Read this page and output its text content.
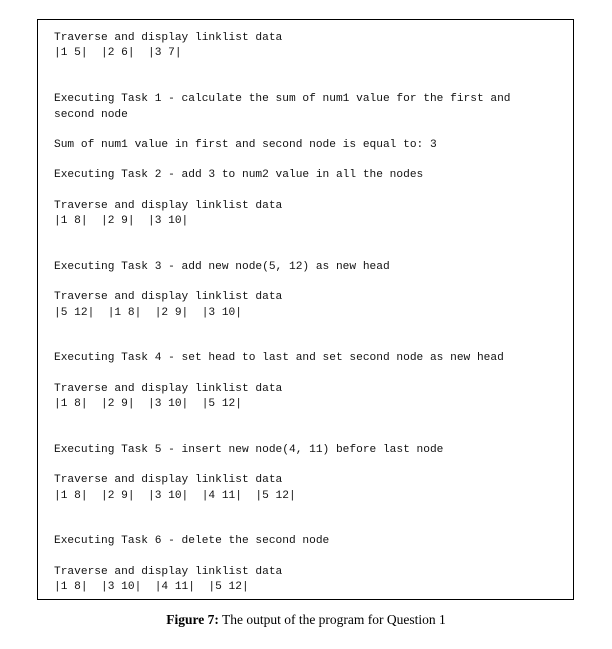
Traverse and display linklist data

|1 5|  |2 6|  |3 7|

Executing Task 1 - calculate the sum of num1 value for the first and

second node

Sum of num1 value in first and second node is equal to: 3

Executing Task 2 - add 3 to num2 value in all the nodes

Traverse and display linklist data

|1 8|  |2 9|  |3 10|

Executing Task 3 - add new node(5, 12) as new head

Traverse and display linklist data

|5 12|  |1 8|  |2 9|  |3 10|

Executing Task 4 - set head to last and set second node as new head

Traverse and display linklist data

|1 8|  |2 9|  |3 10|  |5 12|

Executing Task 5 - insert new node(4, 11) before last node

Traverse and display linklist data

|1 8|  |2 9|  |3 10|  |4 11|  |5 12|

Executing Task 6 - delete the second node

Traverse and display linklist data

|1 8|  |3 10|  |4 11|  |5 12|

Figure 7: The output of the program for Question 1
